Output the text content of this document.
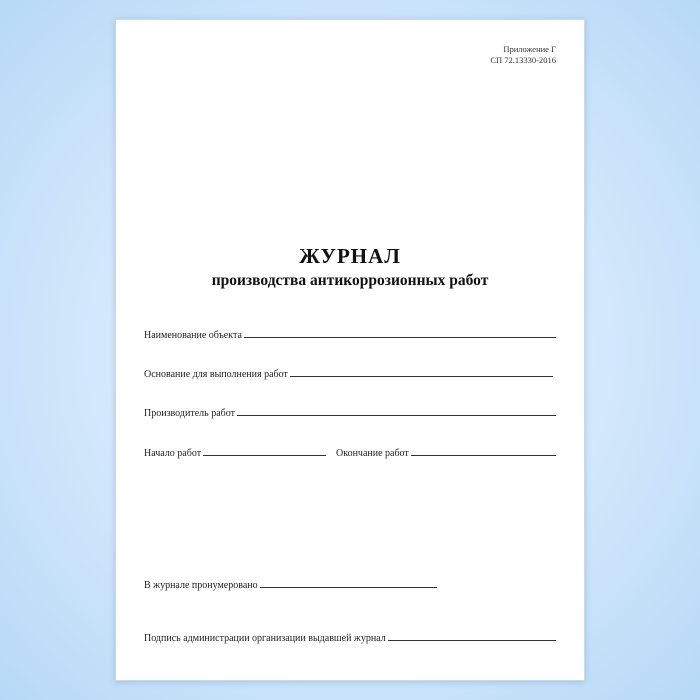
Приложение Г
СП 72.13330-2016
ЖУРНАЛ
производства антикоррозионных работ
Наименование объекта
Основание для выполнения работ
Производитель работ
Начало работ	Окончание работ
В журнале пронумеровано
Подпись администрации организации выдавшей журнал
